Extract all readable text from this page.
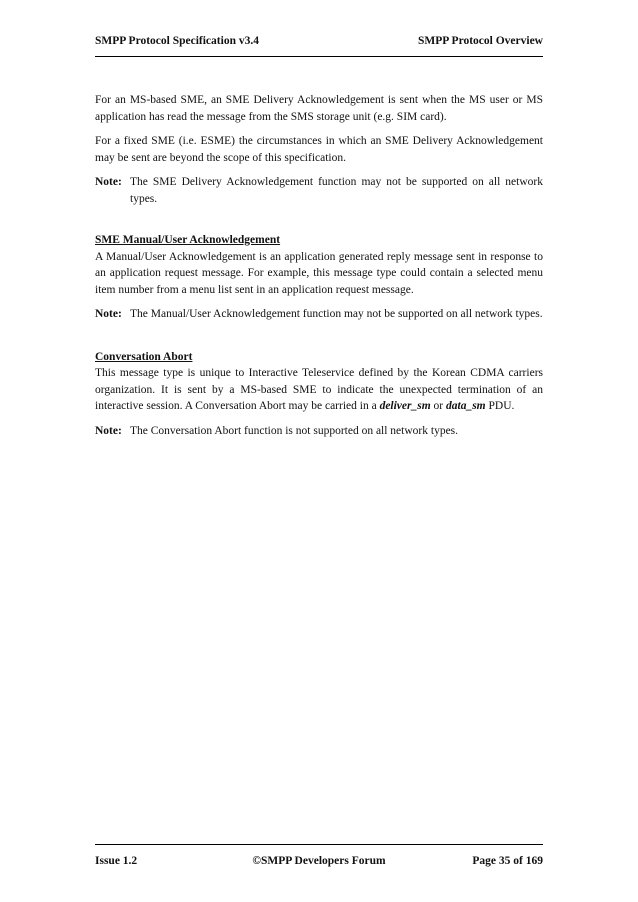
SMPP Protocol Specification v3.4	SMPP Protocol Overview

For an MS-based SME, an SME Delivery Acknowledgement is sent when the MS user or MS application has read the message from the SMS storage unit (e.g. SIM card).

For a fixed SME (i.e. ESME) the circumstances in which an SME Delivery Acknowledgement may be sent are beyond the scope of this specification.

Note: The SME Delivery Acknowledgement function may not be supported on all network types.
SME Manual/User Acknowledgement
A Manual/User Acknowledgement is an application generated reply message sent in response to an application request message. For example, this message type could contain a selected menu item number from a menu list sent in an application request message.
Note: The Manual/User Acknowledgement function may not be supported on all network types.
Conversation Abort
This message type is unique to Interactive Teleservice defined by the Korean CDMA carriers organization. It is sent by a MS-based SME to indicate the unexpected termination of an interactive session. A Conversation Abort may be carried in a deliver_sm or data_sm PDU.
Note: The Conversation Abort function is not supported on all network types.
Issue 1.2	©SMPP Developers Forum	Page 35 of 169
